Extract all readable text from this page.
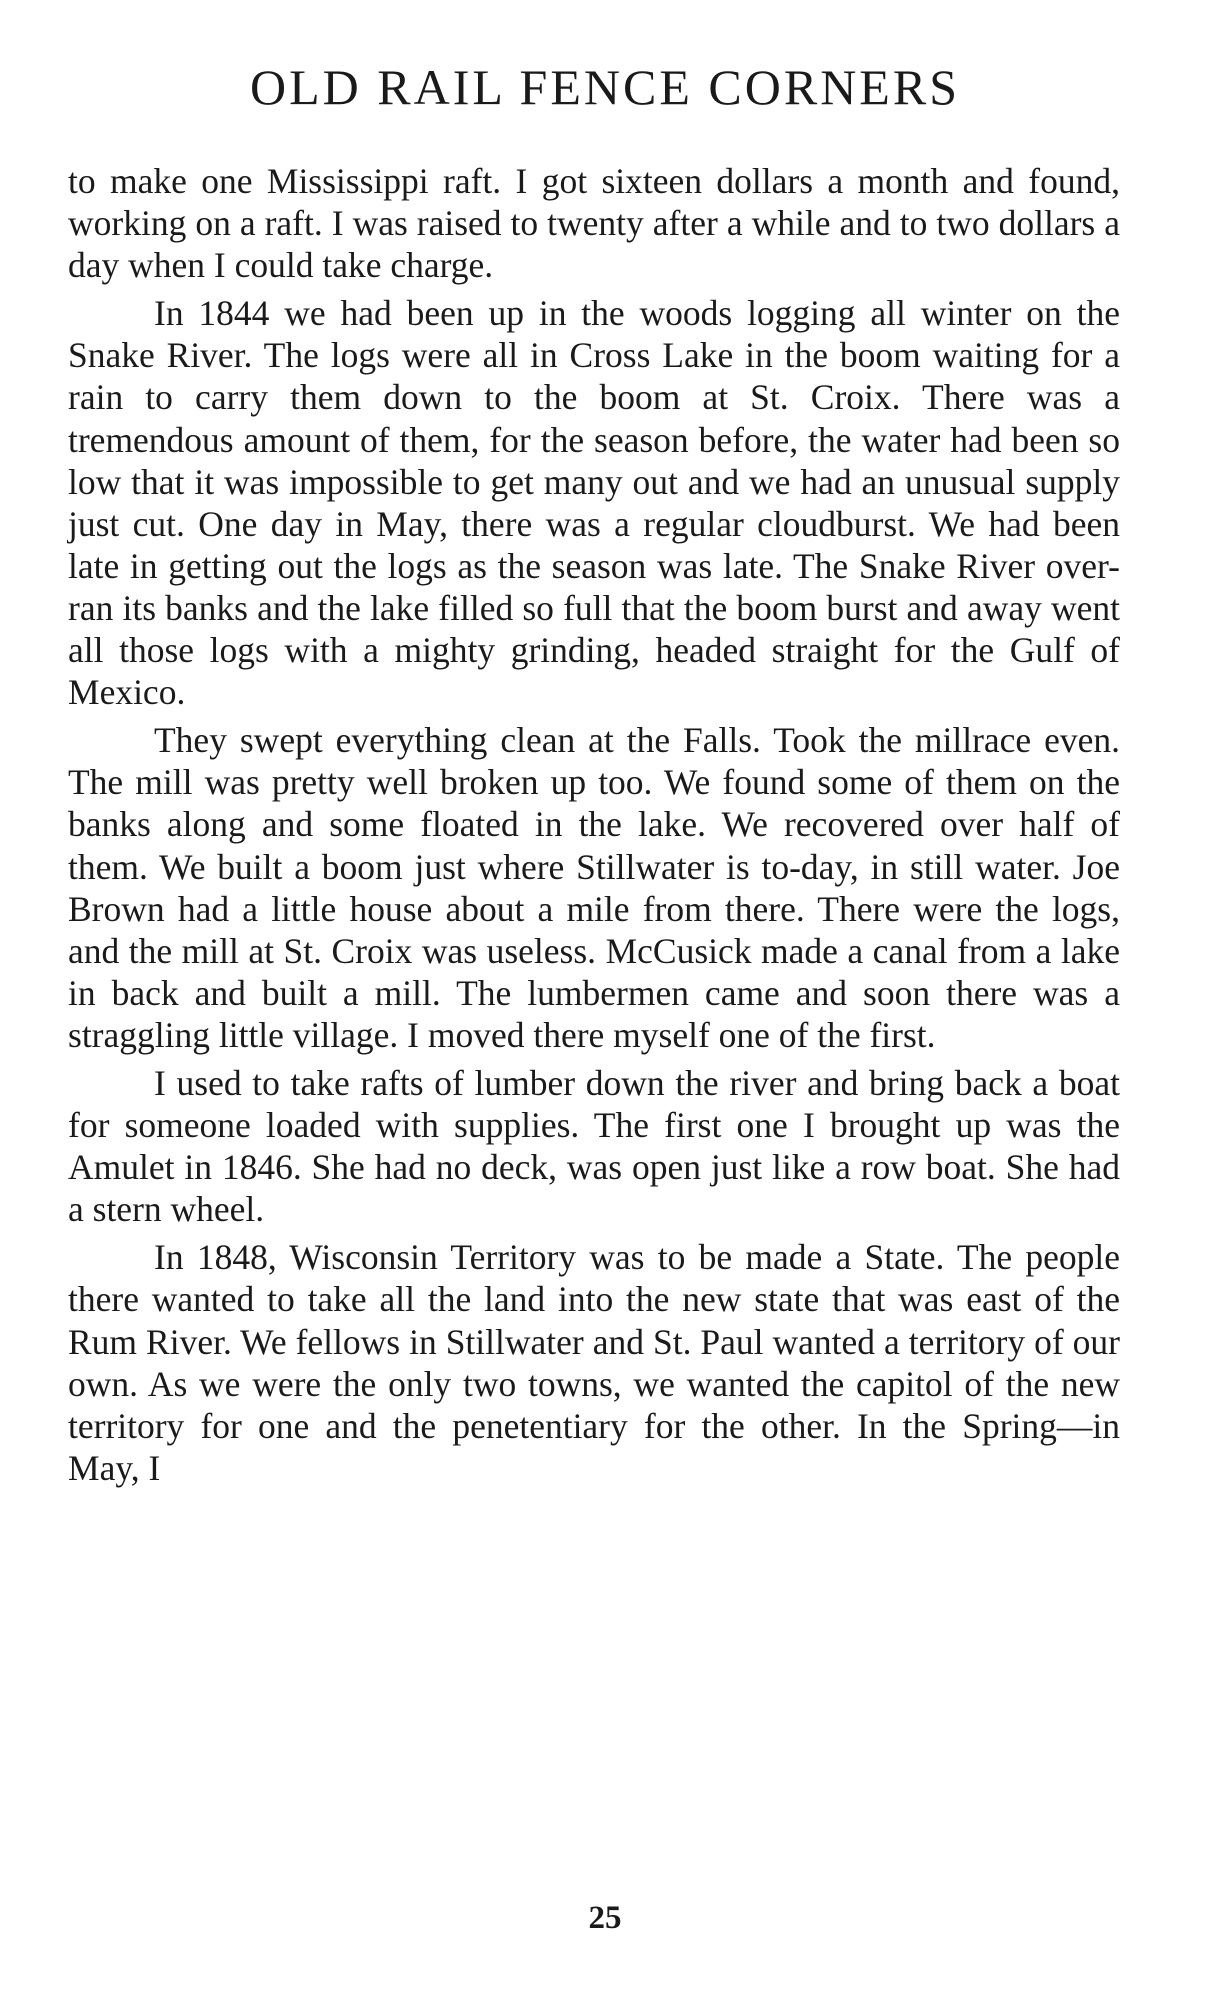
OLD RAIL FENCE CORNERS

to make one Mississippi raft. I got sixteen dollars a month and found, working on a raft. I was raised to twenty after a while and to two dollars a day when I could take charge.

In 1844 we had been up in the woods logging all winter on the Snake River. The logs were all in Cross Lake in the boom waiting for a rain to carry them down to the boom at St. Croix. There was a tremendous amount of them, for the season before, the water had been so low that it was impossible to get many out and we had an unusual supply just cut. One day in May, there was a regular cloudburst. We had been late in getting out the logs as the season was late. The Snake River over-ran its banks and the lake filled so full that the boom burst and away went all those logs with a mighty grinding, headed straight for the Gulf of Mexico.

They swept everything clean at the Falls. Took the millrace even. The mill was pretty well broken up too. We found some of them on the banks along and some floated in the lake. We recovered over half of them. We built a boom just where Stillwater is to-day, in still water. Joe Brown had a little house about a mile from there. There were the logs, and the mill at St. Croix was useless. McCusick made a canal from a lake in back and built a mill. The lumbermen came and soon there was a straggling little village. I moved there myself one of the first.

I used to take rafts of lumber down the river and bring back a boat for someone loaded with supplies. The first one I brought up was the Amulet in 1846. She had no deck, was open just like a row boat. She had a stern wheel.

In 1848, Wisconsin Territory was to be made a State. The people there wanted to take all the land into the new state that was east of the Rum River. We fellows in Stillwater and St. Paul wanted a territory of our own. As we were the only two towns, we wanted the capitol of the new territory for one and the penetentiary for the other. In the Spring—in May, I

25
